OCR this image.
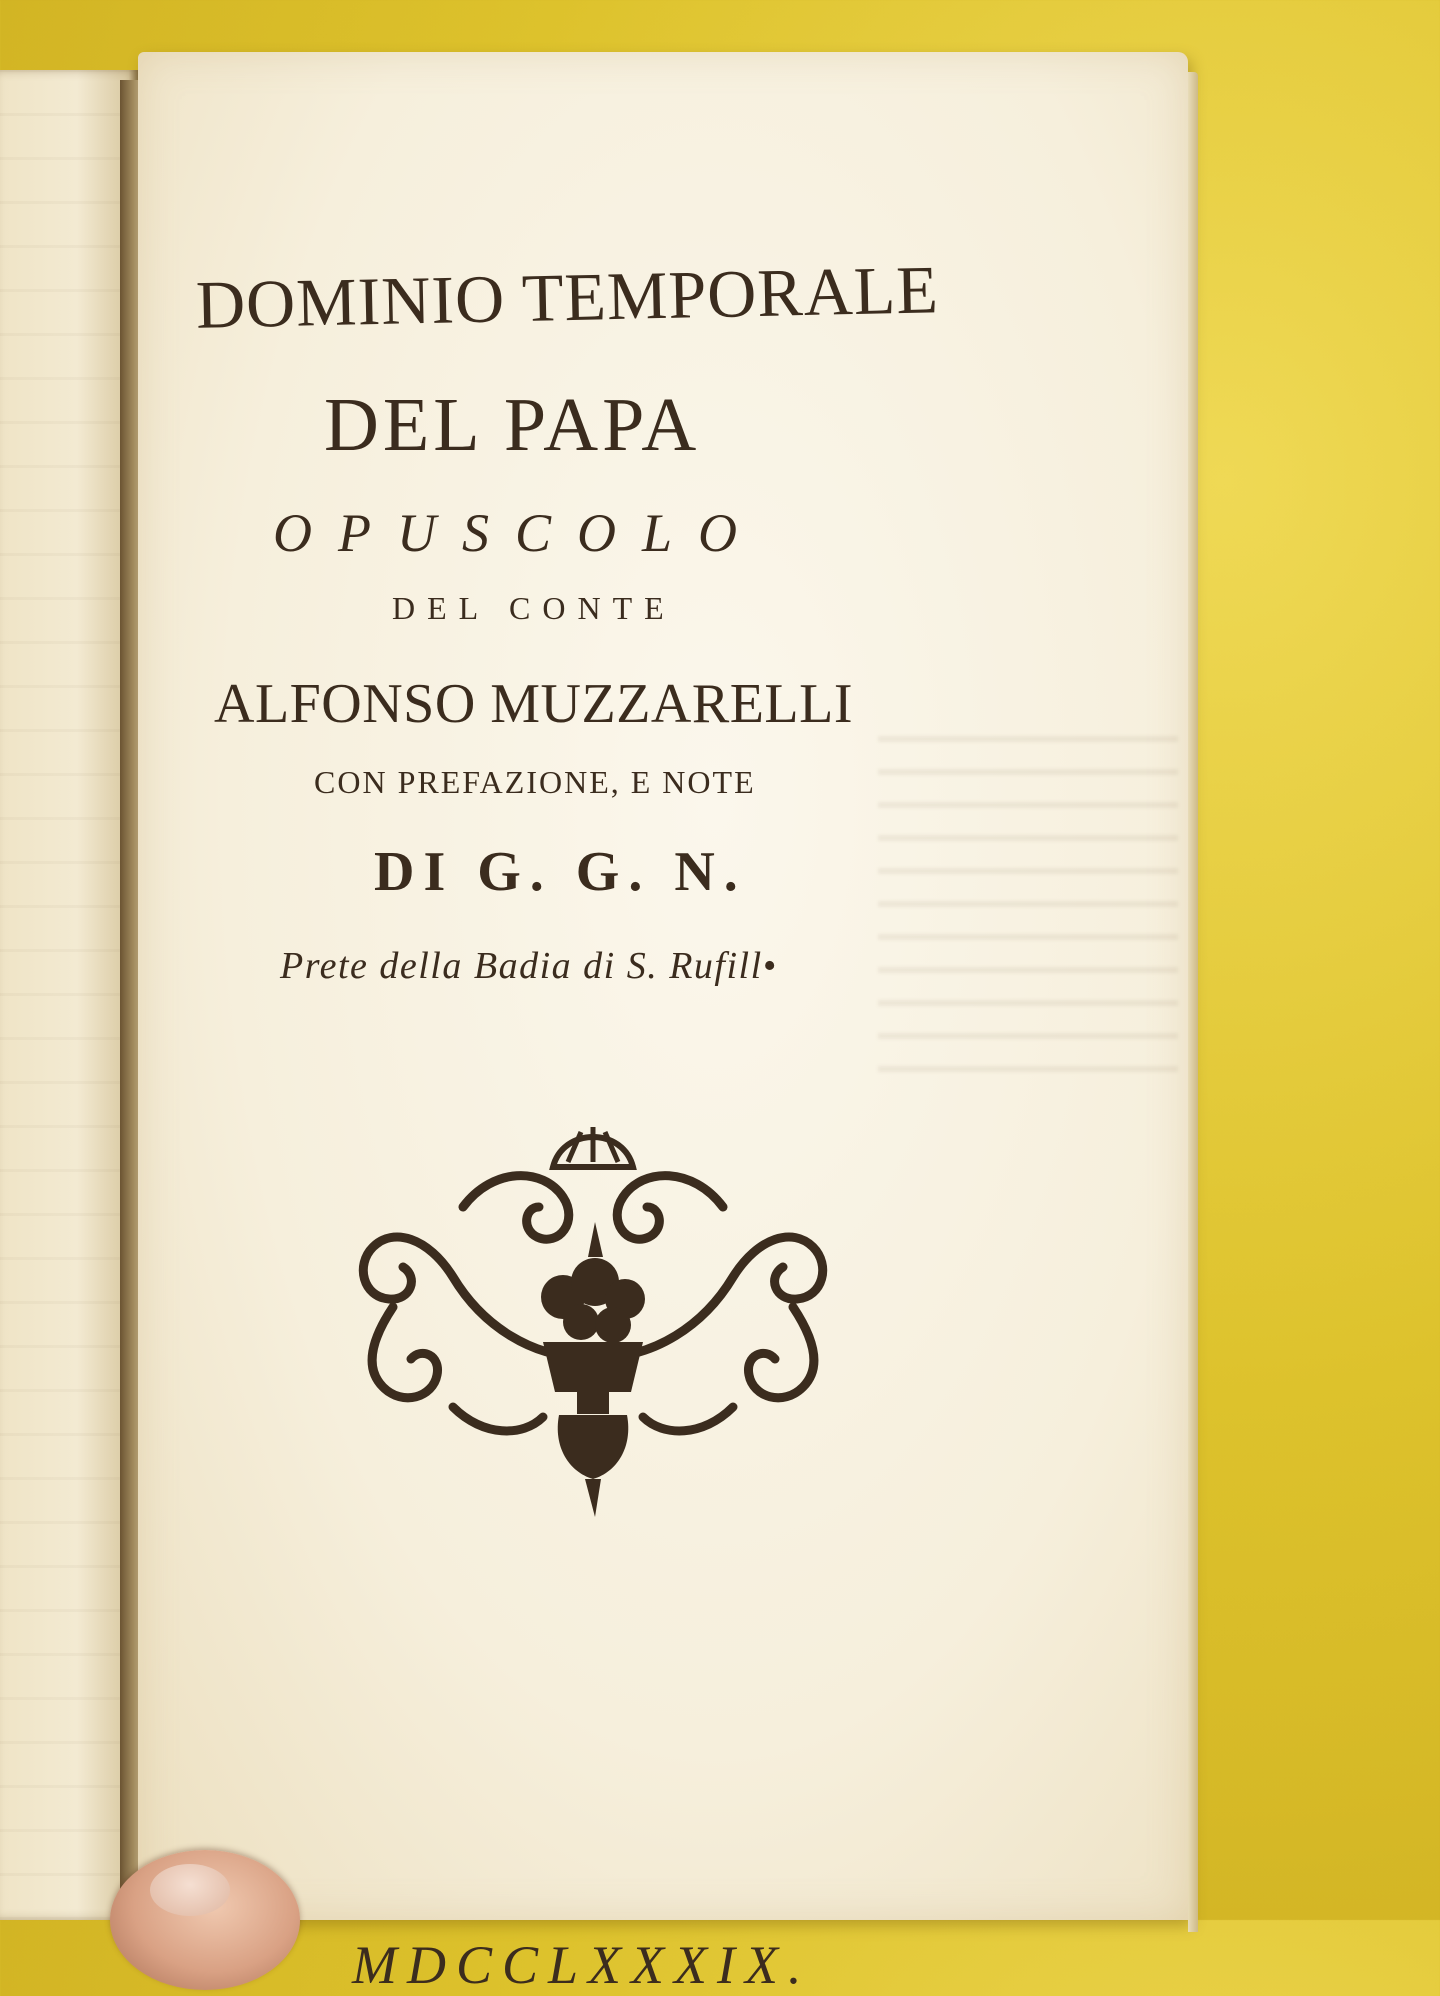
DOMINIO TEMPORALE

DEL PAPA

OPUSCOLO

DEL CONTE

ALFONSO MUZZARELLI

CON PREFAZIONE, E NOTE

DI G. G. N.

Prete della Badia di S. Rufill•

MDCCLXXXIX.
